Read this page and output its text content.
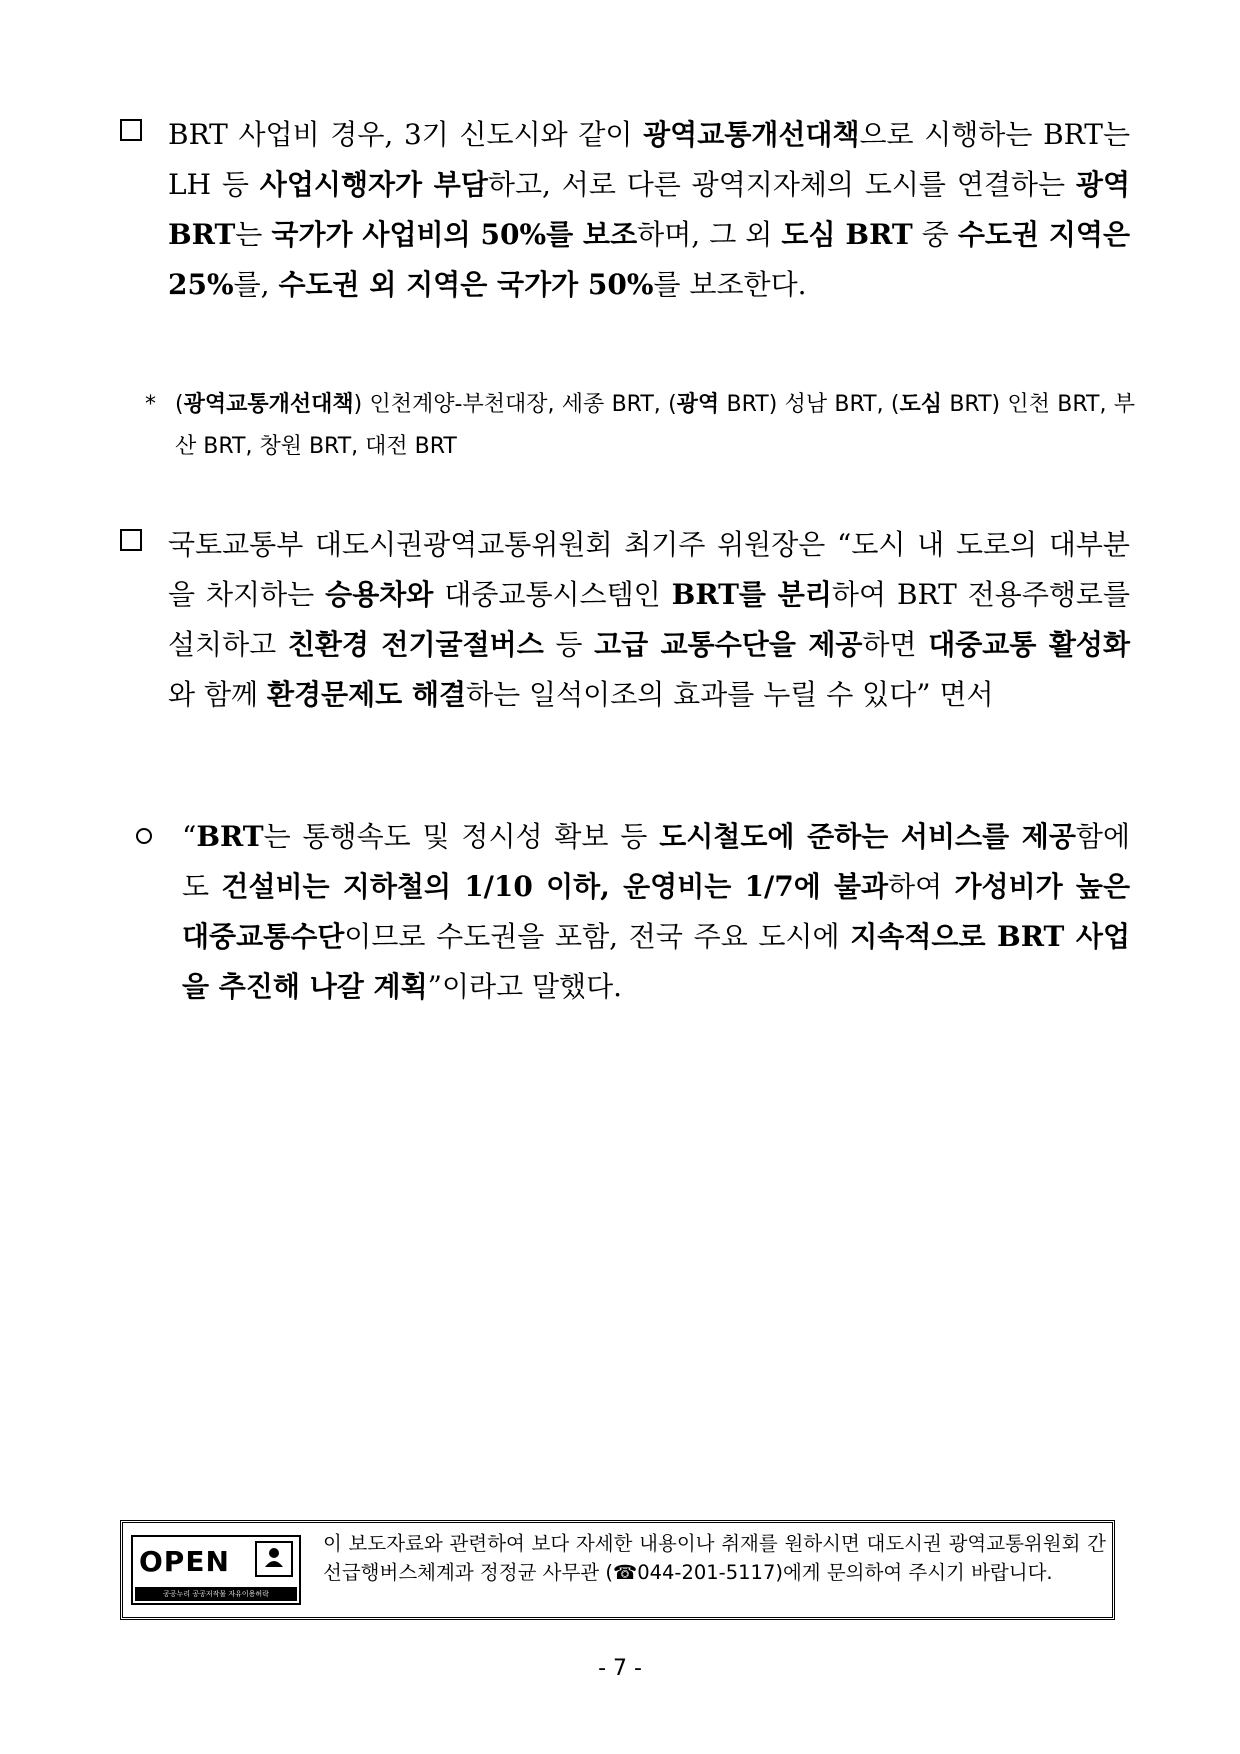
BRT 사업비 경우, 3기 신도시와 같이 광역교통개선대책으로 시행하는 BRT는 LH 등 사업시행자가 부담하고, 서로 다른 광역지자체의 도시를 연결하는 광역 BRT는 국가가 사업비의 50%를 보조하며, 그 외 도심 BRT 중 수도권 지역은 25%를, 수도권 외 지역은 국가가 50%를 보조한다.
* (광역교통개선대책) 인천계양-부천대장, 세종 BRT, (광역 BRT) 성남 BRT, (도심 BRT) 인천 BRT, 부산 BRT, 창원 BRT, 대전 BRT
국토교통부 대도시권광역교통위원회 최기주 위원장은 “도시 내 도로의 대부분을 차지하는 승용차와 대중교통시스템인 BRT를 분리하여 BRT 전용주행로를 설치하고 친환경 전기굴절버스 등 고급 교통수단을 제공하면 대중교통 활성화와 함께 환경문제도 해결하는 일석이조의 효과를 누릴 수 있다” 면서
“BRT는 통행속도 및 정시성 확보 등 도시철도에 준하는 서비스를 제공함에도 건설비는 지하철의 1/10 이하, 운영비는 1/7에 불과하여 가성비가 높은 대중교통수단이므로 수도권을 포함, 전국 주요 도시에 지속적으로 BRT 사업을 추진해 나갈 계획”이라고 말했다.
OPEN
공공누리 공공저작물 자유이용허락
이 보도자료와 관련하여 보다 자세한 내용이나 취재를 원하시면 대도시권 광역교통위원회 간선급행버스체계과 정정균 사무관 (☎044-201-5117)에게 문의하여 주시기 바랍니다.
- 7 -
